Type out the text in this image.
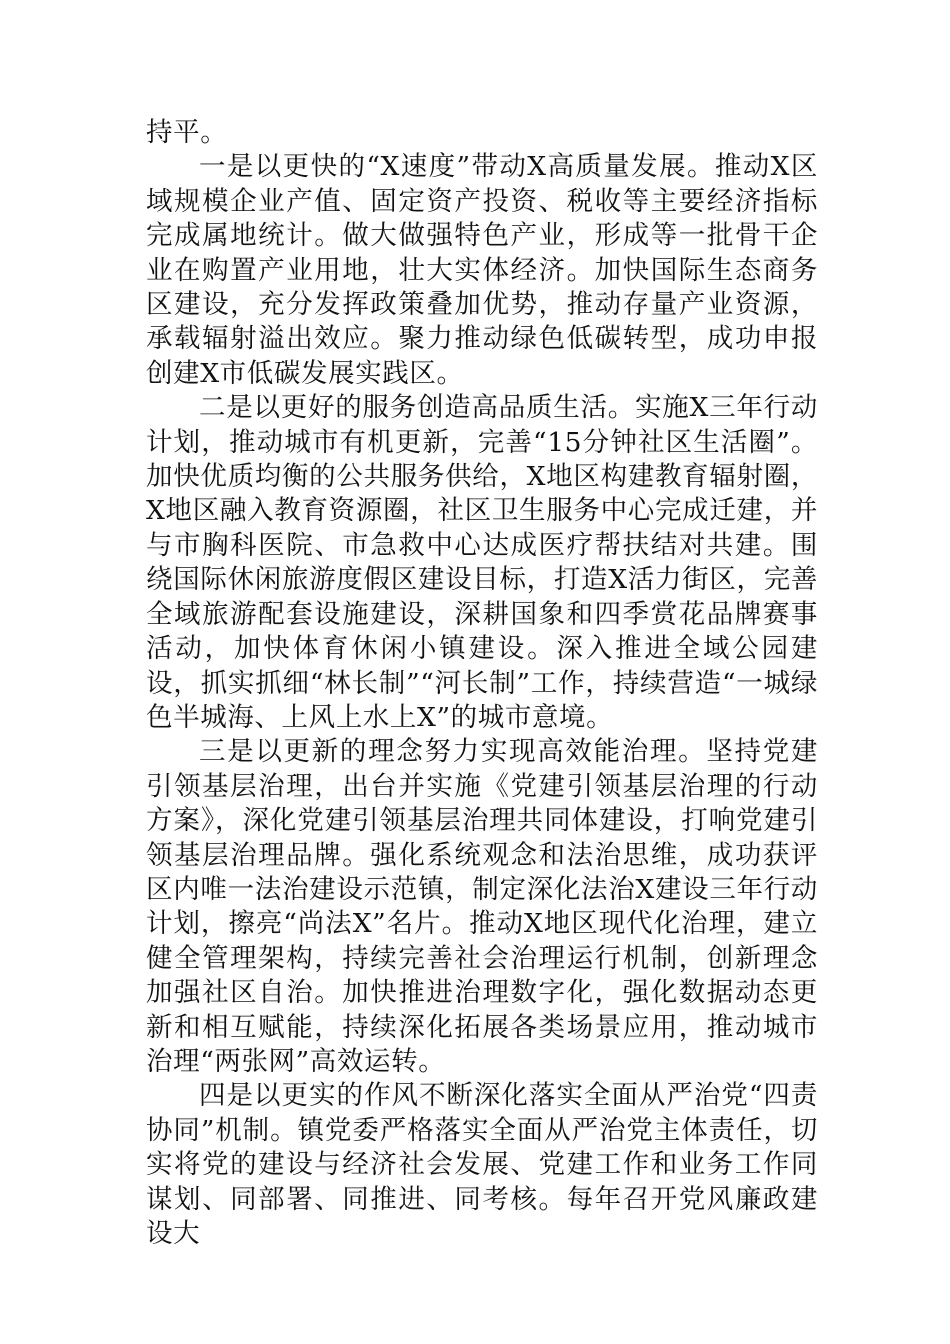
持平。

一是以更快的“X速度”带动X高质量发展。推动X区域规模企业产值、固定资产投资、税收等主要经济指标完成属地统计。做大做强特色产业，形成等一批骨干企业在购置产业用地，壮大实体经济。加快国际生态商务区建设，充分发挥政策叠加优势，推动存量产业资源，承载辐射溢出效应。聚力推动绿色低碳转型，成功申报创建X市低碳发展实践区。

二是以更好的服务创造高品质生活。实施X三年行动计划，推动城市有机更新，完善“15分钟社区生活圈”。加快优质均衡的公共服务供给，X地区构建教育辐射圈，X地区融入教育资源圈，社区卫生服务中心完成迁建，并与市胸科医院、市急救中心达成医疗帮扶结对共建。围绕国际休闲旅游度假区建设目标，打造X活力街区，完善全域旅游配套设施建设，深耕国象和四季赏花品牌赛事活动，加快体育休闲小镇建设。深入推进全域公园建设，抓实抓细“林长制”“河长制”工作，持续营造“一城绿色半城海、上风上水上X”的城市意境。

三是以更新的理念努力实现高效能治理。坚持党建引领基层治理，出台并实施《党建引领基层治理的行动方案》，深化党建引领基层治理共同体建设，打响党建引领基层治理品牌。强化系统观念和法治思维，成功获评区内唯一法治建设示范镇，制定深化法治X建设三年行动计划，擦亮“尚法X”名片。推动X地区现代化治理，建立健全管理架构，持续完善社会治理运行机制，创新理念加强社区自治。加快推进治理数字化，强化数据动态更新和相互赋能，持续深化拓展各类场景应用，推动城市治理“两张网”高效运转。

四是以更实的作风不断深化落实全面从严治党“四责协同”机制。镇党委严格落实全面从严治党主体责任，切实将党的建设与经济社会发展、党建工作和业务工作同谋划、同部署、同推进、同考核。每年召开党风廉政建设大
